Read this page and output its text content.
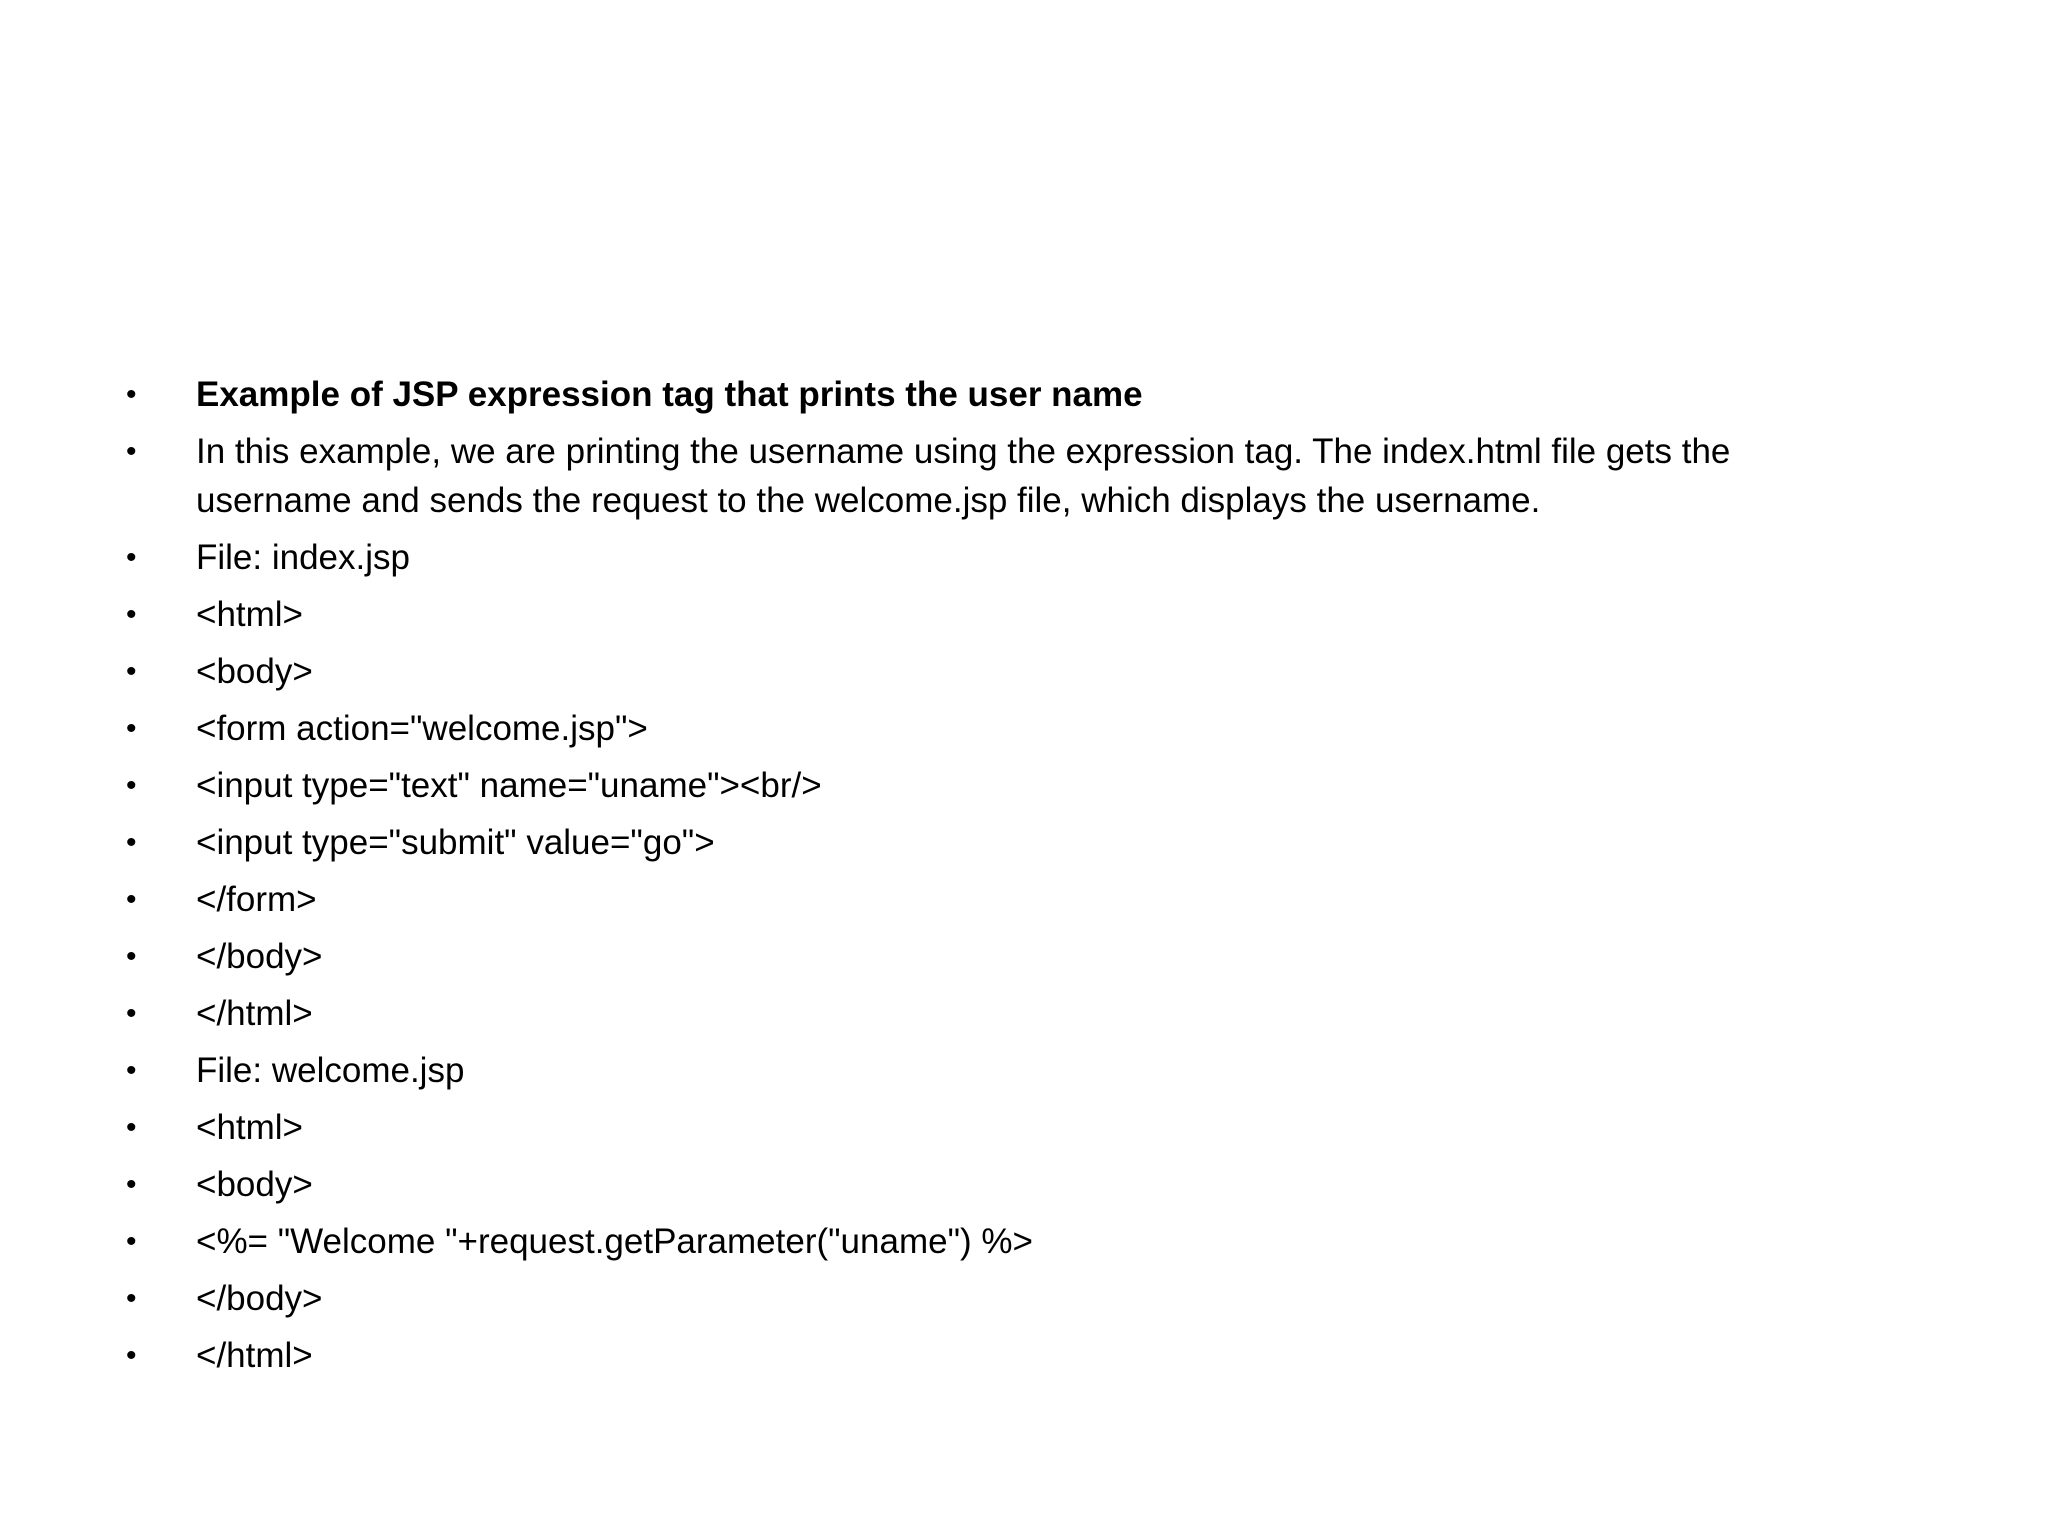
•	Example of JSP expression tag that prints the user name
•	In this example, we are printing the username using the expression tag. The index.html file gets the username and sends the request to the welcome.jsp file, which displays the username.
•	File: index.jsp
•	<html>
•	<body>
•	<form action="welcome.jsp">
•	<input type="text" name="uname"><br/>
•	<input type="submit" value="go">
•	</form>
•	</body>
•	</html>
•	File: welcome.jsp
•	<html>
•	<body>
•	<%= "Welcome "+request.getParameter("uname") %>
•	</body>
•	</html>
